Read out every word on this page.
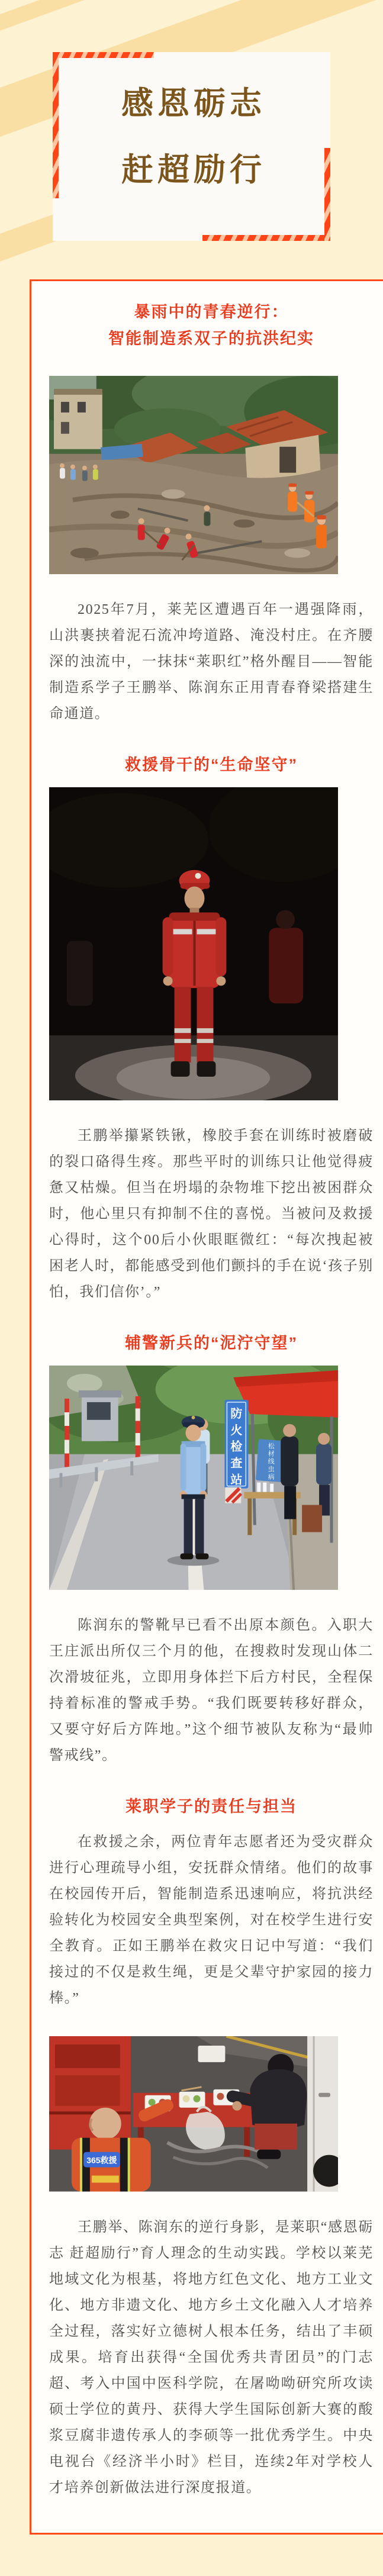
感恩砺志
赶超励行
暴雨中的青春逆行：
智能制造系双子的抗洪纪实

2025年7月，莱芜区遭遇百年一遇强降雨，山洪裹挟着泥石流冲垮道路、淹没村庄。在齐腰深的浊流中，一抹抹“莱职红”格外醒目——智能制造系学子王鹏举、陈润东正用青春脊梁搭建生命通道。

救援骨干的“生命坚守”

王鹏举攥紧铁锹，橡胶手套在训练时被磨破的裂口硌得生疼。那些平时的训练只让他觉得疲惫又枯燥。但当在坍塌的杂物堆下挖出被困群众时，他心里只有抑制不住的喜悦。当被问及救援心得时，这个00后小伙眼眶微红：“每次拽起被困老人时，都能感受到他们颤抖的手在说‘孩子别怕，我们信你’。”

辅警新兵的“泥泞守望”
防
火
检
查
站
松
材
线
虫
病

陈润东的警靴早已看不出原本颜色。入职大王庄派出所仅三个月的他，在搜救时发现山体二次滑坡征兆，立即用身体拦下后方村民，全程保持着标准的警戒手势。“我们既要转移好群众，又要守好后方阵地。”这个细节被队友称为“最帅警戒线”。

莱职学子的责任与担当

在救援之余，两位青年志愿者还为受灾群众进行心理疏导小组，安抚群众情绪。他们的故事在校园传开后，智能制造系迅速响应，将抗洪经验转化为校园安全典型案例，对在校学生进行安全教育。正如王鹏举在救灾日记中写道：“我们接过的不仅是救生绳，更是父辈守护家园的接力棒。”

365救援

王鹏举、陈润东的逆行身影，是莱职“感恩砺志 赶超励行”育人理念的生动实践。学校以莱芜地域文化为根基，将地方红色文化、地方工业文化、地方非遗文化、地方乡土文化融入人才培养全过程，落实好立德树人根本任务，结出了丰硕成果。培育出获得“全国优秀共青团员”的门志超、考入中国中医科学院，在屠呦呦研究所攻读硕士学位的黄丹、获得大学生国际创新大赛的酸浆豆腐非遗传承人的李硕等一批优秀学生。中央电视台《经济半小时》栏目，连续2年对学校人才培养创新做法进行深度报道。
